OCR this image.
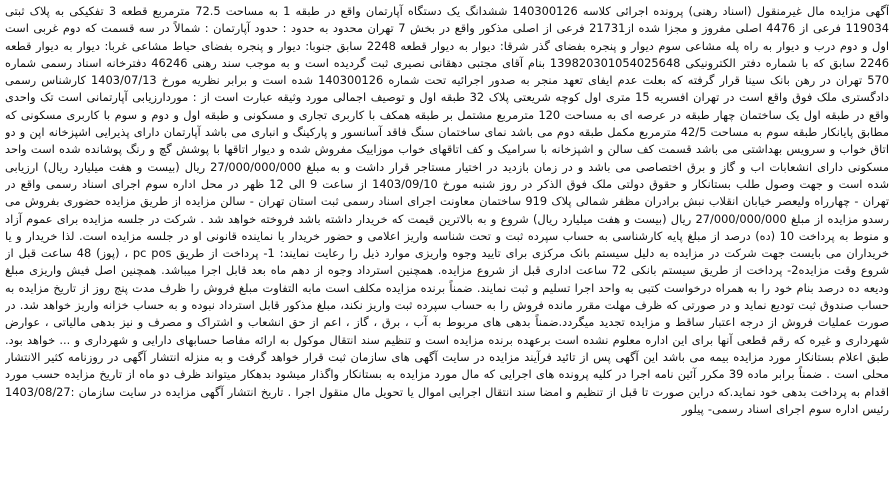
آگهی مزایده مال غیرمنقول (اسناد رهنی) پرونده اجرائی کلاسه 140300126 ششدانگ یک دستگاه آپارتمان واقع در طبقه 1 به مساحت 72.5 مترمربع قطعه 3 تفکیکی به پلاک ثبتی 119034 فرعی از 4476 اصلی مفروز و مجزا شده از21731 فرعی از اصلی مذکور واقع در بخش 7 تهران محدود به حدود : حدود آپارتمان : شمالاً در سه قسمت که دوم غربی است اول و دوم درب و دیوار به راه پله مشاعی سوم دیوار و پنجره بفضای گذر شرقا: دیوار به دیوار قطعه 2248 سابق جنوبا: دیوار و پنجره بفضای حیاط مشاعی غربا: دیوار به دیوار قطعه 2246 سابق که با شماره دفتر الکترونیکی 139820301054025648 بنام آقای مجتبی دهقانی نصیری ثبت گردیده است و به موجب سند رهنی 46246 دفترخانه اسناد رسمی شماره 570 تهران در رهن بانک سینا قرار گرفته که بعلت عدم ایفای تعهد منجر به صدور اجرائیه تحت شماره 140300126 شده است و برابر نظریه مورخ 1403/07/13 کارشناس رسمی دادگستری ملک فوق واقع است در تهران افسریه 15 متری اول کوچه شریعتی پلاک 32 طبقه اول و توصیف اجمالی مورد وثیقه عبارت است از : موردارزیابی آپارتمانی است تک واحدی واقع در طبقه اول یک ساختمان چهار طبقه در عرصه ای به مساحت 120 مترمربع مشتمل بر طبقه همکف با کاربری تجاری و مسکونی و طبقه اول و دوم و سوم با کاربری مسکونی که مطابق پایانکار طبقه سوم به مساحت 42/5 مترمربع مکمل طبقه دوم می باشد نمای ساختمان سنگ فاقد آسانسور و پارکینگ و انباری می باشد آپارتمان دارای پذیرایی اشپزخانه اپن و دو اتاق خواب و سرویس بهداشتی می باشد قسمت کف سالن و اشپزخانه با سرامیک و کف اتاقهای خواب موزاییک مفروش شده و دیوار اتاقها با پوشش گچ و رنگ پوشانده شده است واحد مسکونی دارای انشعابات اب و گاز و برق اختصاصی می باشد و در زمان بازدید در اختیار مستاجر قرار داشت و به مبلغ 27/000/000/000 ریال (بیست و هفت میلیارد ریال) ارزیابی شده است و جهت وصول طلب بستانکار و حقوق دولتی ملک فوق الذکر در روز شنبه مورخ 1403/09/10 از ساعت 9 الی 12 ظهر در محل اداره سوم اجرای اسناد رسمی واقع در تهران - چهارراه ولیعصر خیابان انقلاب نبش برادران مظفر شمالی پلاک 919 ساختمان معاونت اجرای اسناد رسمی ثبت استان تهران - سالن مزایده از طریق مزایده حضوری بفروش می رسدو مزایده از مبلغ 27/000/000/000 ریال (بیست و هفت میلیارد ریال) شروع و به بالاترین قیمت که خریدار داشته باشد فروخته خواهد شد . شرکت در جلسه مزایده برای عموم آزاد و منوط به پرداخت 10 (ده) درصد از مبلغ پایه کارشناسی به حساب سپرده ثبت و تحت شناسه واریز اعلامی و حضور خریدار یا نماینده قانونی او در جلسه مزایده است. لذا خریدار و یا خریداران می بایست جهت شرکت در مزایده به دلیل سیستم بانک مرکزی برای تایید وجوه واریزی موارد ذیل را رعایت نمایند: 1- پرداخت از طریق pc pos ، (پوز) 48 ساعت قبل از شروع وقت مزایده2- پرداخت از طریق سیستم بانکی 72 ساعت اداری قبل از شروع مزایده. همچنین استرداد وجوه از دهم ماه بعد قابل اجرا میباشد. همچنین اصل فیش واریزی مبلغ ودیعه ده درصد بنام خود را به همراه درخواست کتبی به واحد اجرا تسلیم و ثبت نمایند. ضمناً برنده مزایده مکلف است مابه التفاوت مبلغ فروش را ظرف مدت پنج روز از تاریخ مزایده به حساب صندوق ثبت تودیع نماید و در صورتی که ظرف مهلت مقرر مانده فروش را به حساب سپرده ثبت واریز نکند، مبلغ مذکور قابل استرداد نبوده و به حساب خزانه واریز خواهد شد. در صورت عملیات فروش از درجه اعتبار ساقط و مزایده تجدید میگردد.ضمناً بدهی های مربوط به آب ، برق ، گاز ، اعم از حق انشعاب و اشتراک و مصرف و نیز بدهی مالیاتی ، عوارض شهرداری و غیره که رقم قطعی آنها برای این اداره معلوم نشده است برعهده برنده مزایده است و تنظیم سند انتقال موکول به ارائه مفاصا حسابهای دارایی و شهرداری و ... خواهد بود. طبق اعلام بستانکار مورد مزایده بیمه می باشد این آگهی پس از تائید فرآیند مزایده در سایت آگهی های سازمان ثبت قرار خواهد گرفت و به منزله انتشار آگهی در روزنامه کثیر الانتشار محلی است . ضمناً برابر ماده 39 مکرر آئین نامه اجرا در کلیه پرونده های اجرایی که مال مورد مزایده به بستانکار واگذار میشود بدهکار میتواند ظرف دو ماه از تاریخ مزایده حسب مورد اقدام به پرداخت بدهی خود نماید.که دراین صورت تا قبل از تنظیم و امضا سند انتقال اجرایی اموال یا تحویل مال منقول اجرا . تاریخ انتشار آگهی مزایده در سایت سازمان :1403/08/27 رئیس اداره سوم اجرای اسناد رسمی- پیلور
